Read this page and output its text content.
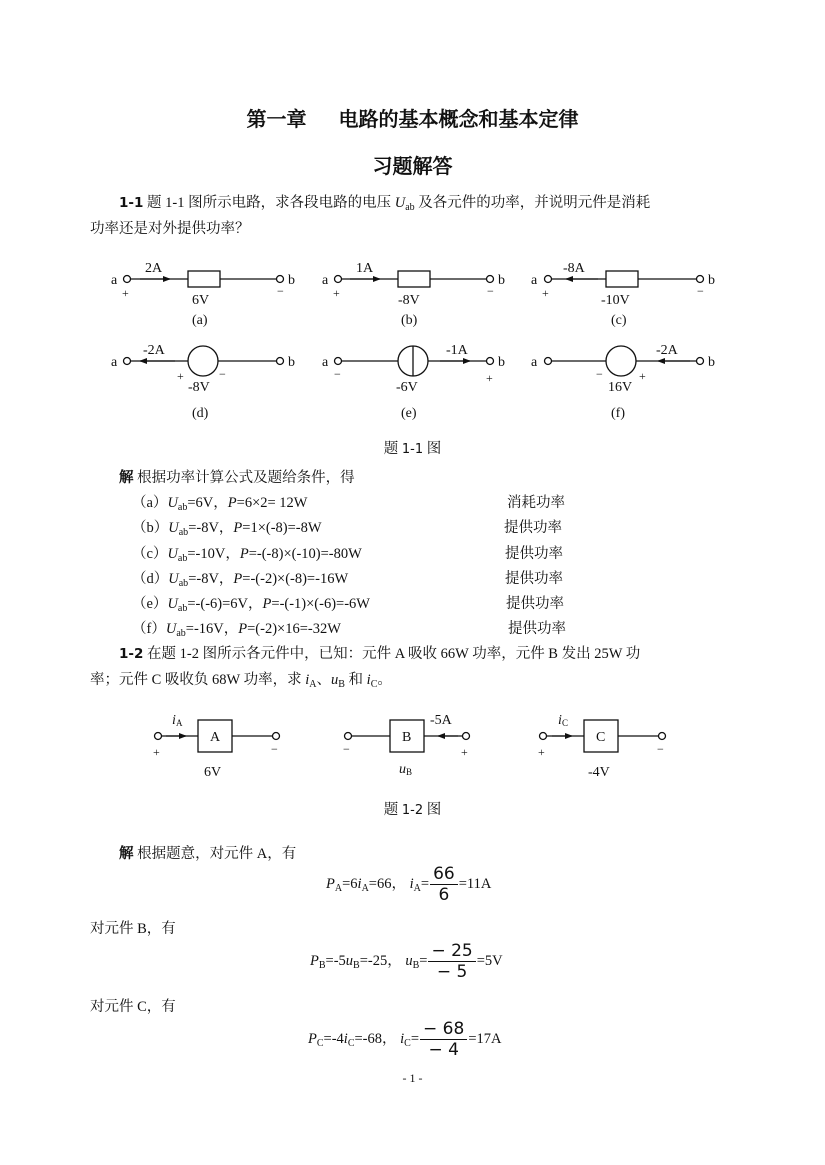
第一章 电路的基本概念和基本定律
习题解答

1-1 题 1-1 图所示电路，求各段电路的电压 $U_{ab}$ 及各元件的功率，并说明元件是消耗

功率还是对外提供功率？

a	b a	b a	b
a	b a	b a	b
2A	1A	-8A
-2A	-1A	-2A
6V	-8V	-10V
-8V	-6V	16V
(a)	(b)	(c)
(d)	(e)	(f)
+	−	+	−	+	−
+	−	−	+	−	+
题 1-1 图

解 根据功率计算公式及题给条件，得

$(a)U_{ab}=6V$，P=6×2= 12W	消耗功率
$(b)U_{ab}=-8V$，P=1×(-8)=-8W	提供功率
$(c)U_{ab}=-10V$，P=-(-8)×(-10)=-80W	提供功率
$(d)U_{ab}=-8V$，P=-(-2)×(-8)=-16W	提供功率
$(e)U_{ab}=-(-6)=6V$，P=-(-1)×(-6)=-6W	提供功率
$(f)U_{ab}=-16V$，P=(-2)×16=-32W	提供功率

1-2 在题 1-2 图所示各元件中，已知：元件 A 吸收 66W 功率，元件 B 发出 25W 功

率；元件 C 吸收负 68W 功率，求 $i_A$、$u_B$ 和 $i_C$。

A	B	C
i A	-5A	i C
6V	u B	-4V
+	−	−	+	+	−
题 1-2 图

解 根据题意，对元件 A，有

$P_A=6i_A=66$， $i_A= \frac{66}{6} =11A$

对元件 B，有

$P_B=-5u_B=-25$， $u_B= \frac{- 25}{- 5} =5V$

对元件 C，有

$P_C=-4i_C=-68$， $i_C= \frac{- 68}{- 4} =17A$
- 1 -
